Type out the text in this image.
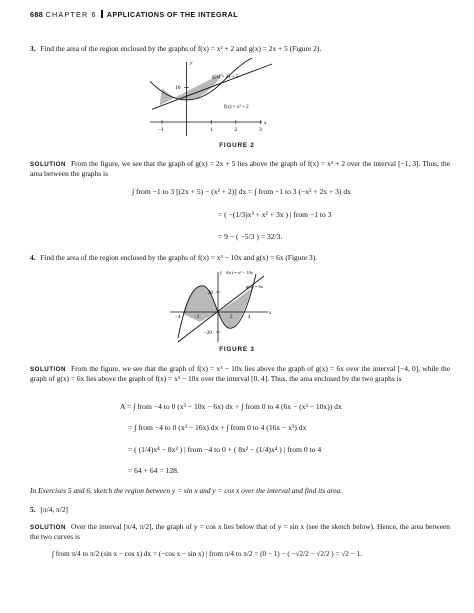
688 CHAPTER 6 APPLICATIONS OF THE INTEGRAL
3. Find the area of the region enclosed by the graphs of f(x) = x² + 2 and g(x) = 2x + 5 (Figure 2).
y
x
10
g(x) = 2x + 5
f(x) = x² + 2
−1	1	2	3
FIGURE 2
SOLUTION From the figure, we see that the graph of g(x) = 2x + 5 lies above the graph of f(x) = x² + 2 over the interval [−1, 3]. Thus, the area between the graphs is
∫ from −1 to 3 [(2x + 5) − (x² + 2)] dx = ∫ from −1 to 3 (−x² + 2x + 3) dx
= ( −(1/3)x³ + x² + 3x ) | from −1 to 3
= 9 − ( −5/3 ) = 32/3.
4. Find the area of the region enclosed by the graphs of f(x) = x³ − 10x and g(x) = 6x (Figure 3).
y
x
f(x) = x³ − 10x
g(x) = 6x
20
−20
−4	−2	2	4
FIGURE 3
SOLUTION From the figure, we see that the graph of f(x) = x³ − 10x lies above the graph of g(x) = 6x over the interval [−4, 0], while the graph of g(x) = 6x lies above the graph of f(x) = x³ − 10x over the interval [0, 4]. Thus, the area enclosed by the two graphs is
A = ∫ from −4 to 0 (x³ − 10x − 6x) dx + ∫ from 0 to 4 (6x − (x³ − 10x)) dx
= ∫ from −4 to 0 (x³ − 16x) dx + ∫ from 0 to 4 (16x − x³) dx
= ( (1/4)x⁴ − 8x² ) | from −4 to 0 + ( 8x² − (1/4)x⁴ ) | from 0 to 4
= 64 + 64 = 128.
In Exercises 5 and 6, sketch the region between y = sin x and y = cos x over the interval and find its area.
5. [π/4, π/2]
SOLUTION Over the interval [π/4, π/2], the graph of y = cos x lies below that of y = sin x (see the sketch below). Hence, the area between the two curves is
∫ from π/4 to π/2 (sin x − cos x) dx = (−cos x − sin x) | from π/4 to π/2 = (0 − 1) − ( −√2/2 − √2/2 ) = √2 − 1.
